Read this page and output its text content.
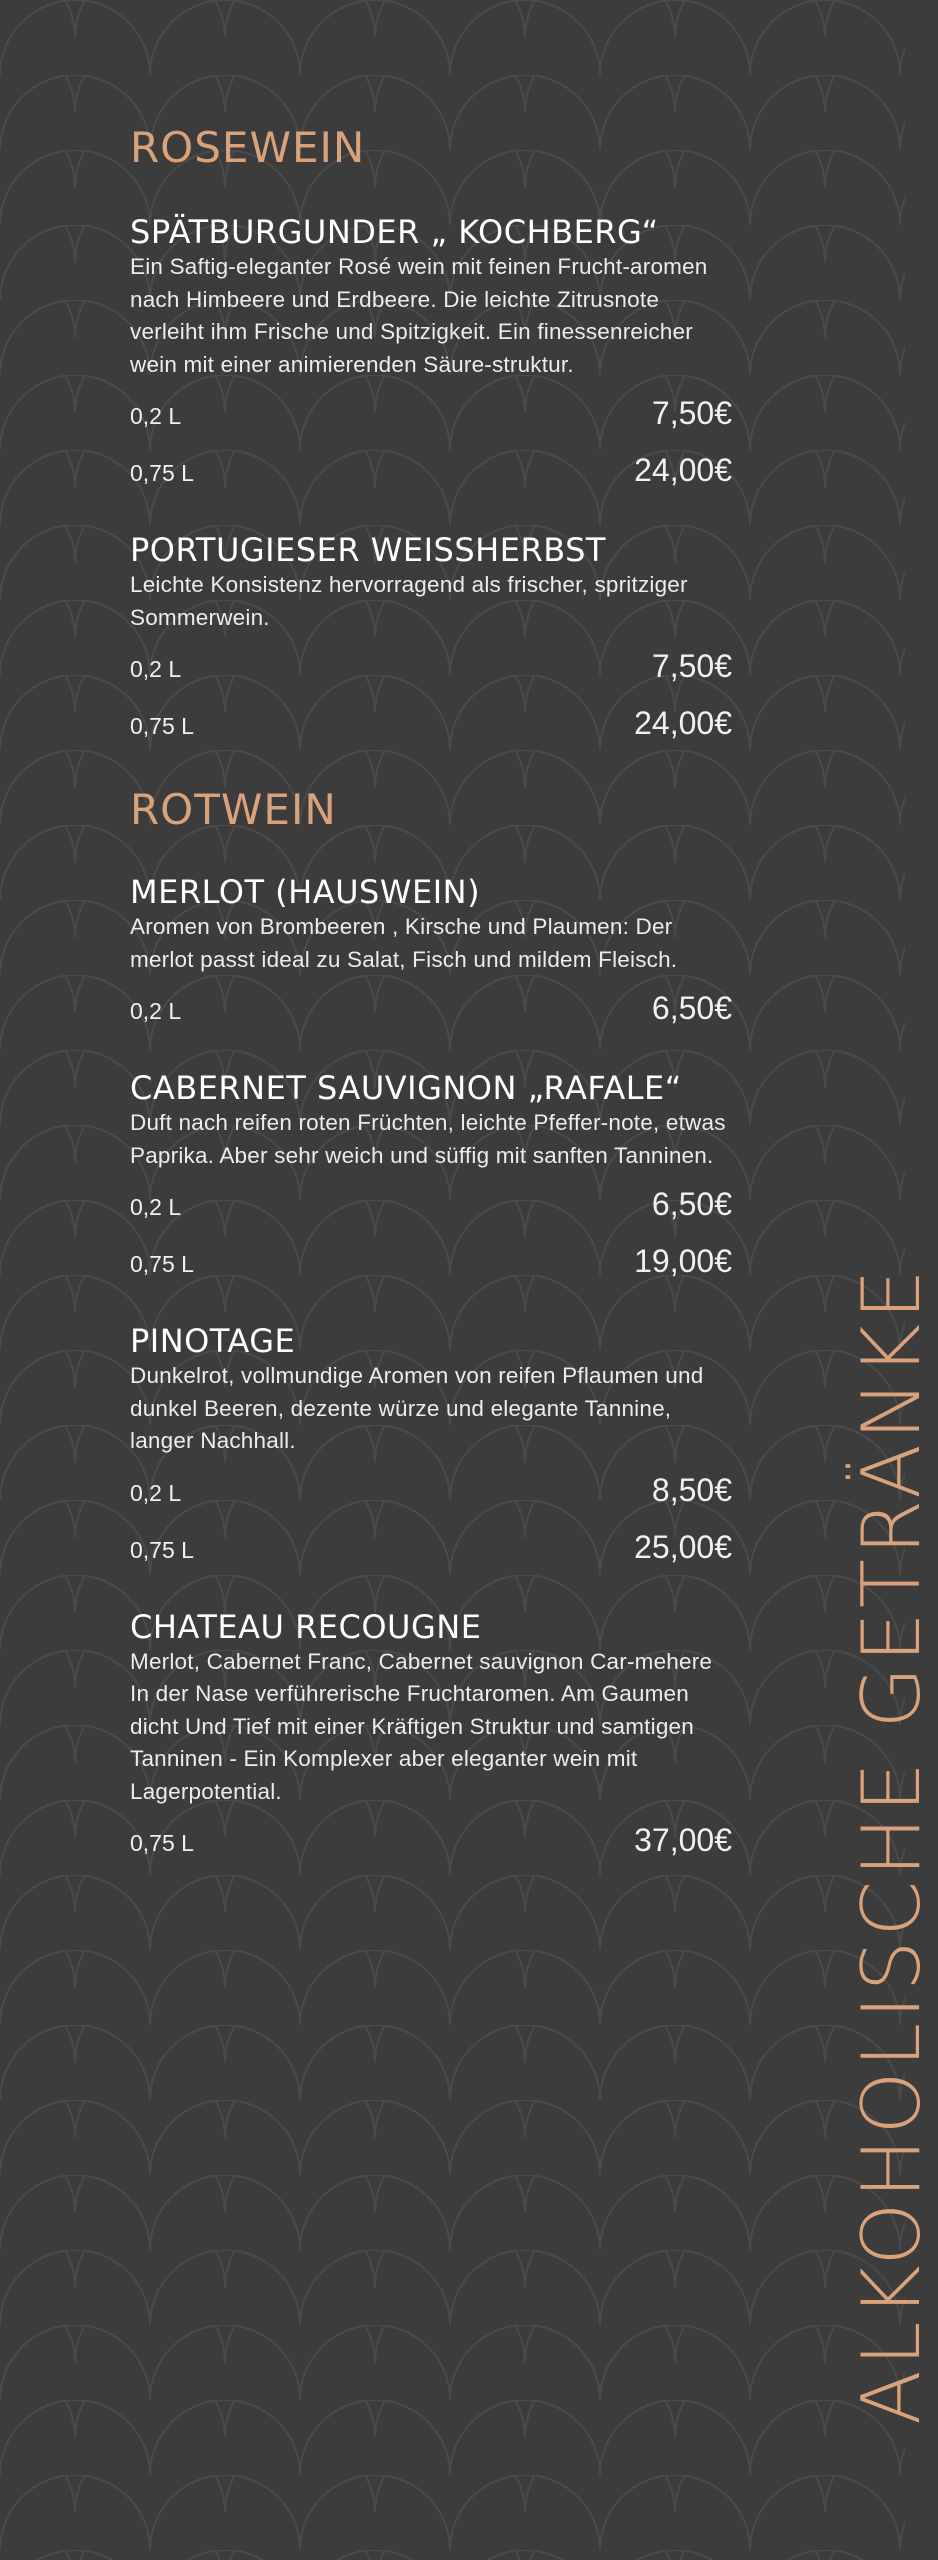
ROSEWEIN
SPÄTBURGUNDER „ KOCHBERG“

Ein Saftig-eleganter Rosé wein mit feinen Frucht-aromen nach Himbeere und Erdbeere. Die leichte Zitrusnote verleiht ihm Frische und Spitzigkeit. Ein finessenreicher wein mit einer animierenden Säure-struktur.

0,2 L	7,50€
0,75 L	24,00€
PORTUGIESER WEISSHERBST

Leichte Konsistenz hervorragend als frischer, spritziger Sommerwein.

0,2 L	7,50€
0,75 L	24,00€
ROTWEIN
MERLOT (HAUSWEIN)

Aromen von Brombeeren , Kirsche und Plaumen: Der merlot passt ideal zu Salat, Fisch und mildem Fleisch.

0,2 L	6,50€
CABERNET SAUVIGNON „RAFALE“

Duft nach reifen roten Früchten, leichte Pfeffer-note, etwas Paprika. Aber sehr weich und süffig mit sanften Tanninen.

0,2 L	6,50€
0,75 L	19,00€
PINOTAGE

Dunkelrot, vollmundige Aromen von reifen Pflaumen und dunkel Beeren, dezente würze und elegante Tannine, langer Nachhall.

0,2 L	8,50€
0,75 L	25,00€
CHATEAU RECOUGNE

Merlot, Cabernet Franc, Cabernet sauvignon Car-mehere In der Nase verführerische Fruchtaromen. Am Gaumen dicht Und Tief mit einer Kräftigen Struktur und samtigen Tanninen - Ein Komplexer aber eleganter wein mit Lagerpotential.

0,75 L	37,00€ ALKOHOLISCHE GETRÄNKE
